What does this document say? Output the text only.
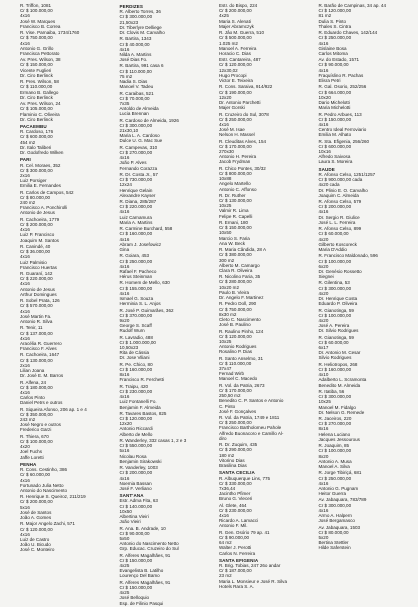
R. Triffon, 1081
Cr $ 100.000,00
4x16
José W. Marques
Francisco B. Correa
R. Vise. Parnaiba, 1734/1760
Cr $ 750.000,00
4x16
Antonio G. Grillo
Francisca Pettorato
Av. Pres. Wilson, 38
Cr $ 150.000,00
Vicente Fuglieri
Dr. Ciro Berlinck
R. Pres. Wilson, 58
Cr $ 110.000,00
Ermano B. Gallego
Dr. Ciro Berlinck
Av. Pres. Wilson, 24
Cr $ 105.000,00
Flaminio C. Oliveira
Dr. Ciro Berlinck
PACAEMBU
R. Cardoso, 176
Cr $ 600.000,00
454 m2
Dr. Italo Taliberi
Dr. Godofredo Wilken
PARI
R. Cel. Moraes, 352
Cr $ 300.000,00
2x16
Luiz Porsiger
Emilia E. Fernandes
R. Carlos de Campos, 542
Cr $ 80.000,00
240 m2
Francisco A. Ponchirolli
Antonio de Jesus
R. Cachoeira, 1779
Cr $ 200.000,00
4x16
Luiz P. Francisco
Joaquim M. Santos
R. Canindé, 40
Cr $ 36.000,00
4x16
Luiz Palmisio
Francisco Huertas
R. Guaraní, 142
Cr $ 220.000,00
4x16
Antonio de Jesus
Arthur Domingues
R. Sobel Prata, 126
Cr $ 570.000,00
4x16
José Martin Fa.
Antonio R. Silva
R. Tenir, 11
Cr $ 137.000,00
4x16
Aracélia R. Guerrero
Francisco F. Alves
R. Cachoeira, 1647
Cr $ 130.000,00
2x16
Lilian Joana
Dr. José E. M. Barros
R. Alfena, 24
Cr $ 180.000,00
4x16
Carlos Pinto
Daniel Petrs e outros
R. Siqueira Afonso, 206 ap. 1 e 4
Cr $ 350.000,00
243 m2
José Negro e outros
Frederico Garzi
R. Thiera, 670
Cr $ 100.000,00
4x20
Joel Fuchs
Jaffe Loretti
PENHA
R. Cons. Cestinho, 386
Cr $ 60.000,00
4x16
Fortunado Julia Netto
Antonio do Nascimento
R. Henrique S. Queiroz, 211/219
Cr $ 200.000,00
5x16
José de Santos
João A. Gomes
R. Major Angelo Zachi, 571
Cr $ 120.000,00
4x16
Luiz de Castro
João U. Bicudo
José C. Monteiro
PERDIZES
R. Alberto Torres, 36
Cr $ 300.000,00
21,50x23
Dr. Tiberlyre Delliege
Dr. Clovis M. Carvalho
R. Bartira, 1343
Cr $ 40.000,00
4x16
Nilda A. Martins
José Dias Fo.
R. Bartira, 991 casa 6
Cr $ 110.000,00
75 m2
Nadia S. Dias
Manoel V. Tadeu
R. Caraibas, 521
Cr $ 70.000,00
7x35
Antoldo de Almeida
Lucia Brennan
R. Cardoso de Almeida, 1926
Cr $ 300.000,00
21x30,10
Maria L. A. Cardoso
Dulce U. G. Mac Sue
R. Campevas, 310
Cr $ 270.000,00
4x16
João P. Alves
Fernando Corazza
R. Dr. Costa Jr., 57
Cr $ 730.000,00
12x24
Henrique Gelain
Alexandre Kayser
R. Diana, 285/287
Cr $ 220.000,00
4x16
Luiz Carnamura
Maria A. Martins
R. Carmine Burchard, 558
Cr $ 160.000,00
4x16
Abram J. Josefowicz
Gina
R. Goiara, 453
Cr $ 250.000,00
4x16
Rafael F. Pacheco
Hérus Steinman
R. Homem de Mello, 630
Cr $ 155.000,00
4x16
Ismael G. Souza
Herminia S. L. Anjos
R. José P. Guimarães, 362
Cr $ 370.000,00
9x20
George S. Scaff
Rudolf Wurn
R. Lavradio, 488
Cr $ 1.000.000,00
10,50x23
Rita de Cássia
Dr. Jose Viliani
R. Pe. Chico, 80
Cr $ 160.000,00
8x16
Francisco R. Ferchetti
R. Traipu, 420
Cr $ 230.000,00
4x16
Luiz Fontanelli Fo.
Benjamin F. Almeida
R. Tavares Bastos, 825
Cr $ 120.000,00
12x20
Antonio Riccardi
Alberto de Mello
R. Wanderley, 332 casas 1, 2 e 3
Cr $ 550.000,00
5x16
Nicolau Rosa
Benjamin Sirakowski
R. Vanderley, 1003
Cr $ 200.000,00
4x16
Noemia Bassan
José F. Verliano
SANT'ANA
Estr. Adma Fita, 63
Cr $ 140.000,00
10x50
Albertina Vieiri
João Vieiri
R. Ana. B. Andrade, 10
Cr $ 90.000,00
5x50
Antonio do Nascimento Netto
Grp. Educac. Cruzeiro do Sul
R. Alferes Magalhães, 91
Cr $ 150.000,00
4x25
Evangelista B. Latilho
Lourenço Del Bamo
R. Alferes Magalhães, 91
Cr $ 150.000,00
4x25
José Belloquio
Esp. de Filinio Pasqui
Estr. do Bispo, 224
Cr $ 200.000,00
4x25
Maria S. Alenati
Majer Abramczyk
R. Jâo M. Guerra, 510
Cr $ 500.000,00
1.025 m2
Manoel A. Ferreira
Horacio C. Dias
Estr. Cantareira, 487
Cr $ 120.000,00
12x30,02
Hugo Procopi
Victor E. Teixeira
R. Cons. Saraiva, 914/922
Cr $ 190.000,00
12x20
Dr. Antonio Parchetti
Majer Gorski
R. Cruzeiro do Sul, 3078
Cr $ 250.000,00
4x16
José M. Isae
Nelson H. Massel
R. Cleuditas Alves, 154
Cr $ 170.000,00
270x30
Antonio H. Pereira
Jacob Frydman
R. Chico Pontes, 30/32
Cr $ 800.000,00
10x88
Angelo Martello
Antonio C. Affonso
R. Dr. Ruther
Cr $ 130.000,00
10x25
Valmir R. Lima
Felipe R. Capelli
R. Ernani, 180
Cr $ 150.000,00
10x50
Marcio S. Faria
Ana W. Beck
R. Maria Cândida, 28 A
Cr $ 380.000,00
300 m2
Alberto M. Camargo
Clara R. Oliveira
R. Nicolino Faria, 35
Cr $ 280.000,00
10x20 m2
Paulo B. Vieira
Dr. Angelo F. Martinez
R. Pedro Doll, 290
Cr $ 750.000,00
8x30 m2
Cleto C. Nascimento
José B. Paulino
R. Raulino Pinho, 124
Cr $ 120.000,00
10x25
Antonio Rodrigues
Rosalino P. Dias
R. Santo Anselmo, 31
Cr $ 110.000,00
37x47
Fernad Wirb
Manoel C. Macedo
R. Vol. da Patria, 2673
Cr $ 170.000,00
250,50 m2
Benedito C. P. Santos e Antonio
C. Pinto
José F. Gonçalves
R. Vol. da Patria, 1749 e 1811
Cr $ 250.000,00
Francisco Bartholomeu Pahole
Alfredo Buonacoro e Camillo Al-
diro
R. Dr. Zuquim, 435
Cr $ 290.000,00
180 m2
Vitorino Dias
Brasilina Dias
SANTA CECILIA
R. Albuquerque Lins, 775
Cr $ 330.000,00
7x36,44
Jacintho Pfimer
Bruno G. Vieceri
Al. Glete, 464
Cr $ 230.000,00
4x16
Ricardo A. Lamacci
Antonio F. Mil.
R. Gen. Osório 79 ap. 41
Cr $ 90.000,00
64 m2
Walter J. Perotti
Carlos N. Ferreira
SANTA EFIGENIA
R. Brig. Tobias, 247 26o andar
Cr $ 187.000,00
23 m2
Maria L. Monsieur e José R. Silva
Hotels Rara S. A.
R. Barão de Campinas, 34 ap. 44
Cr $ 120.000,00
81 m2
Dulia S. Pinto
Thales S. Cintra
R. Eduardo Chaves, 142/144
Cr $ 250.000,00
4x16
Gislaine Bosa
Carlos Mitoma
Av. do Estado, 1571
Cr $ 90.000,00
4x16
Fraquíslino R. Pachas
Elisra Petri
R. Gal. Osorio, 252/256
Cr $ 664.000,00
10x20
Dario Michelotti
Maria Michelotti
R. Pedro Arbues, 113
Cr $ 150.000,00
4x16
Centro Ideal Ferroviario
Emilia M. Alhato
R. Sta. Efigenia, 256/260
Cr $ 600.000,00
10x16
Alfredo Saivosa
Laura S. Moreira
SAUDE
R. Afonso Celso, 1251/1257
Cr $ 900.000,00 cada
4x20 cada
Dr. Plinio E. O. Carvalho
Joaquim C. Almeida
R. Afonso Celso, 579
Cr $ 200.000,00
4x16
Dr. Sergio R. Giulice
José L. L. Ferreira
R. Afonso Celso, 899
Cr $ 60.000,00
4x20
Gilberto Koscoreck
Maria D'Addio
R. Francisco Maldonado, 596
Cr $ 100.000,00
6x20
Dr. Genésio Rossetto
Siegnei
R. Gilentina, 53
Cr $ 300.000,00
4x20
Dr. Henrique Costa
Eduardo P. Oliveira
R. Gianotinga, 59
Cr $ 100.000,00
4x20
José A. Pereira
Dr. Silvio Rodrigues
R. Gianotinga, 59
Cr $ 60.000,00
6x17
Dr. Antonio M. Cesar
Silvio Rodrigues
R. Heliotropos, 268
Cr $ 160.000,00
4x10
Adalberto L. Scramonta
Benedito M. Almeida
R. Itatiba, 56
Cr $ 300.000,00
10x25
Manoel M. Fidalgo
Dr. Nelson G. Remede
R. Jaceiros, 220
Cr $ 270.000,00
8x16
Helena Luciano
Jacques Jessourous
R. Joaquim, 85
Cr $ 100.000,00
8x20
Antonio A. Musa
Manoel A. Silva
R. Jorge Tibiriçá, 681
Cr $ 250.000,00
4x16
Antonio G. Pugnam
Heitor Guerra
Av. Jabaquara, 783/789
Cr $ 300.000,00
4x16
Armo A. Halpern
José Bergamasco
Av. Jabaquara, 1503
Cr $ 80.000,00
5x20
Bertina Stettler
Hilde Saferstein
